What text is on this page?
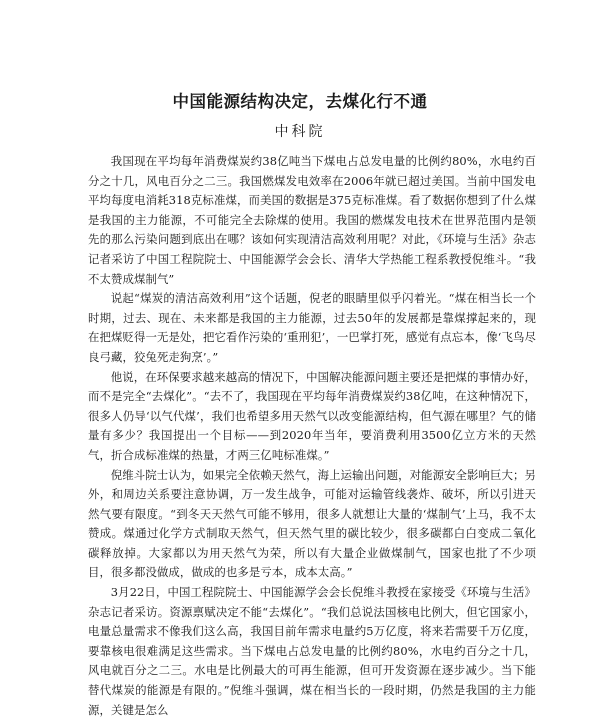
中国能源结构决定，去煤化行不通
中科院

我国现在平均每年消费煤炭约38亿吨当下煤电占总发电量的比例约80%，水电约百分之十几，风电百分之二三。我国燃煤发电效率在2006年就已超过美国。当前中国发电平均每度电消耗318克标准煤，而美国的数据是375克标准煤。看了数据你想到了什么煤是我国的主力能源，不可能完全去除煤的使用。我国的燃煤发电技术在世界范围内是领先的那么污染问题到底出在哪？该如何实现清洁高效利用呢？对此，《环境与生活》杂志记者采访了中国工程院院士、中国能源学会会长、清华大学热能工程系教授倪维斗。“我不太赞成煤制气”

说起“煤炭的清洁高效利用”这个话题，倪老的眼睛里似乎闪着光。“煤在相当长一个时期，过去、现在、未来都是我国的主力能源，过去50年的发展都是靠煤撑起来的，现在把煤贬得一无是处，把它看作污染的‘重刑犯’，一巴掌打死，感觉有点忘本，像‘飞鸟尽良弓藏，狡兔死走狗烹’。”

他说，在环保要求越来越高的情况下，中国解决能源问题主要还是把煤的事情办好，而不是完全“去煤化”。“去不了，我国现在平均每年消费煤炭约38亿吨，在这种情况下，很多人仍导‘以气代煤’，我们也希望多用天然气以改变能源结构，但气源在哪里？气的储量有多少？我国提出一个目标——到2020年当年，要消费利用3500亿立方米的天然气，折合成标准煤的热量，才两三亿吨标准煤。”

倪维斗院士认为，如果完全依赖天然气，海上运输出问题，对能源安全影响巨大；另外，和周边关系要注意协调，万一发生战争，可能对运输管线袭炸、破坏，所以引进天然气要有限度。“到冬天天然气可能不够用，很多人就想让大量的‘煤制气’上马，我不太赞成。煤通过化学方式制取天然气，但天然气里的碳比较少，很多碳都白白变成二氧化碳释放掉。大家都以为用天然气为荣，所以有大量企业做煤制气，国家也批了不少项目，很多都没做成，做成的也多是亏本，成本太高。”

3月22日，中国工程院院士、中国能源学会会长倪维斗教授在家接受《环境与生活》杂志记者采访。资源禀赋决定不能“去煤化”。“我们总说法国核电比例大，但它国家小，电量总量需求不像我们这么高，我国目前年需求电量约5万亿度，将来若需要千万亿度，要靠核电很难满足这些需求。当下煤电占总发电量的比例约80%，水电约百分之十几，风电就百分之二三。水电是比例最大的可再生能源，但可开发资源在逐步减少。当下能替代煤炭的能源是有限的。”倪维斗强调，煤在相当长的一段时期，仍然是我国的主力能源，关键是怎么
